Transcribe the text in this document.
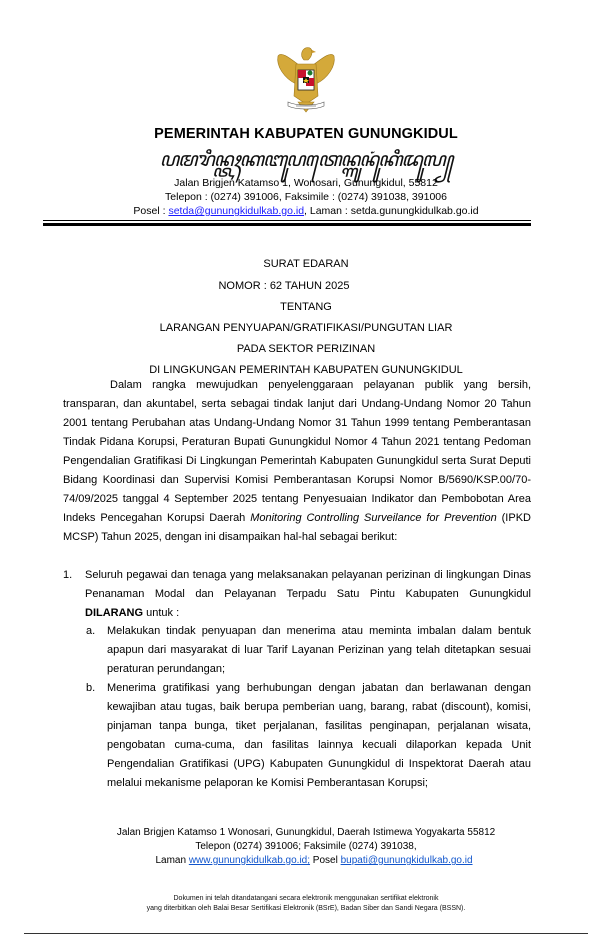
PEMERINTAH KABUPATEN GUNUNGKIDUL
ꦥꦩꦫꦶꦤ꧀ꦠꦃꦏꦧꦸꦥꦠꦺꦤ꧀ꦒꦸꦤꦸꦁꦏꦶꦢꦸꦭ꧀
Jalan Brigjen Katamso 1, Wonosari, Gunungkidul, 55812
Telepon : (0274) 391006, Faksimile : (0274) 391038, 391006
Posel : setda@gunungkidulkab.go.id, Laman : setda.gunungkidulkab.go.id
SURAT EDARAN
NOMOR : 62 TAHUN 2025
TENTANG
LARANGAN PENYUAPAN/GRATIFIKASI/PUNGUTAN LIAR
PADA SEKTOR PERIZINAN
DI LINGKUNGAN PEMERINTAH KABUPATEN GUNUNGKIDUL
Dalam rangka mewujudkan penyelenggaraan pelayanan publik yang bersih, transparan, dan akuntabel, serta sebagai tindak lanjut dari Undang-Undang Nomor 20 Tahun 2001 tentang Perubahan atas Undang-Undang Nomor 31 Tahun 1999 tentang Pemberantasan Tindak Pidana Korupsi, Peraturan Bupati Gunungkidul Nomor 4 Tahun 2021 tentang Pedoman Pengendalian Gratifikasi Di Lingkungan Pemerintah Kabupaten Gunungkidul serta Surat Deputi Bidang Koordinasi dan Supervisi Komisi Pemberantasan Korupsi Nomor B/5690/KSP.00/70-74/09/2025 tanggal 4 September 2025 tentang Penyesuaian Indikator dan Pembobotan Area Indeks Pencegahan Korupsi Daerah Monitoring Controlling Surveilance for Prevention (IPKD MCSP) Tahun 2025, dengan ini disampaikan hal-hal sebagai berikut:
1. Seluruh pegawai dan tenaga yang melaksanakan pelayanan perizinan di lingkungan Dinas Penanaman Modal dan Pelayanan Terpadu Satu Pintu Kabupaten Gunungkidul DILARANG untuk :
a. Melakukan tindak penyuapan dan menerima atau meminta imbalan dalam bentuk apapun dari masyarakat di luar Tarif Layanan Perizinan yang telah ditetapkan sesuai peraturan perundangan;
b. Menerima gratifikasi yang berhubungan dengan jabatan dan berlawanan dengan kewajiban atau tugas, baik berupa pemberian uang, barang, rabat (discount), komisi, pinjaman tanpa bunga, tiket perjalanan, fasilitas penginapan, perjalanan wisata, pengobatan cuma-cuma, dan fasilitas lainnya kecuali dilaporkan kepada Unit Pengendalian Gratifikasi (UPG) Kabupaten Gunungkidul di Inspektorat Daerah atau melalui mekanisme pelaporan ke Komisi Pemberantasan Korupsi;
Jalan Brigjen Katamso 1 Wonosari, Gunungkidul, Daerah Istimewa Yogyakarta 55812
Telepon (0274) 391006; Faksimile (0274) 391038,
Laman www.gunungkidulkab.go.id; Posel bupati@gunungkidulkab.go.id
Dokumen ini telah ditandatangani secara elektronik menggunakan sertifikat elektronik
yang diterbitkan oleh Balai Besar Sertifikasi Elektronik (BSrE), Badan Siber dan Sandi Negara (BSSN).
